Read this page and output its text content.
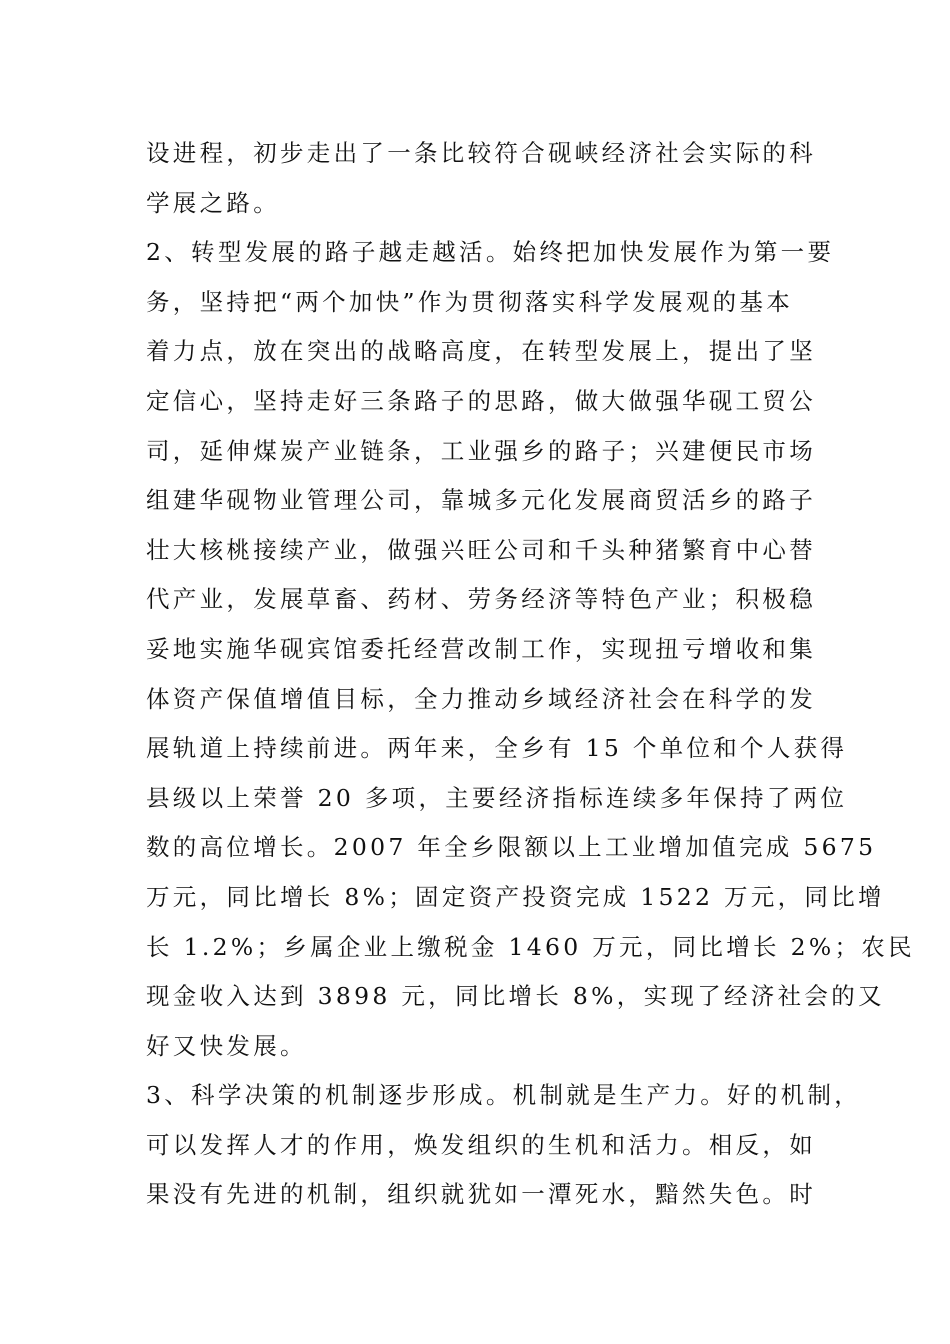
设进程，初步走出了一条比较符合砚峡经济社会实际的科
学展之路。
2、转型发展的路子越走越活。始终把加快发展作为第一要
务，坚持把“两个加快”作为贯彻落实科学发展观的基本
着力点，放在突出的战略高度，在转型发展上，提出了坚
定信心，坚持走好三条路子的思路，做大做强华砚工贸公
司，延伸煤炭产业链条，工业强乡的路子；兴建便民市场
组建华砚物业管理公司，靠城多元化发展商贸活乡的路子
壮大核桃接续产业，做强兴旺公司和千头种猪繁育中心替
代产业，发展草畜、药材、劳务经济等特色产业；积极稳
妥地实施华砚宾馆委托经营改制工作，实现扭亏增收和集
体资产保值增值目标，全力推动乡域经济社会在科学的发
展轨道上持续前进。两年来，全乡有 15 个单位和个人获得
县级以上荣誉 20 多项，主要经济指标连续多年保持了两位
数的高位增长。2007 年全乡限额以上工业增加值完成 5675
万元，同比增长 8%；固定资产投资完成 1522 万元，同比增
长 1.2%；乡属企业上缴税金 1460 万元，同比增长 2%；农民
现金收入达到 3898 元，同比增长 8%，实现了经济社会的又
好又快发展。
3、科学决策的机制逐步形成。机制就是生产力。好的机制，
可以发挥人才的作用，焕发组织的生机和活力。相反，如
果没有先进的机制，组织就犹如一潭死水，黯然失色。时
